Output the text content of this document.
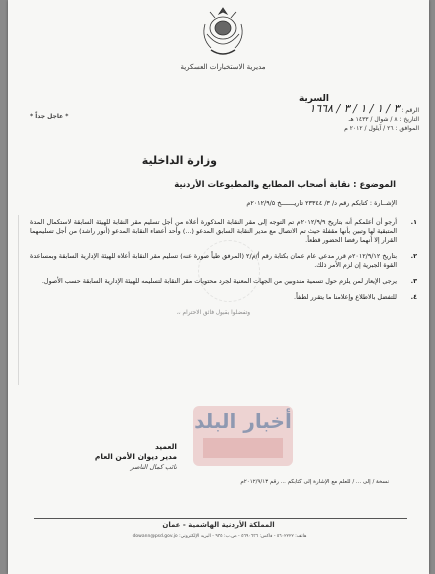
مديرية الاستخبارات العسكرية
* عاجل جداً *
السرية
الرقم : ٣ / ١ / ١ / ٣ / ١٦٦٨
التاريخ : ٨ / شوال / ١٤٣٣ هـ
الموافق : ٢٦ / آيلول / ٢٠١٢ م
وزارة الداخلية
الموضوع : نقابة أصحاب المطابع والمطبوعات الأردنية
الإشــارة : كتابكم رقم د/ ٣/ ٢٣٣٤٤ تاريـــــــخ ٢٠١٢/٩/٥م
١.
أرجو أن أعلمكم أنه بتاريخ ٢٠١٢/٩/٩م تم التوجه إلى مقر النقابة المذكورة أعلاه من أجل تسليم مقر النقابة للهيئة السابقة لاستكمال المدة المتبقية لها وتبين بأنها مقفلة حيث تم الاتصال مع مدير النقابة السابق المدعو (...) وأحد أعضاء النقابة المدعو (أنور راشد) من أجل تسليمهما القرار إلا أنهما رفضا الحضور قطعاً.
٢.
بتاريخ ٢٠١٢/٩/١٢م قرر مدعي عام عمان بكتابة رقم أ/م/٢ (المرفق طياً صورة عنه) تسليم مقر النقابة أعلاه للهيئة الإدارية السابقة وبمساعدة القوة الجبرية إن لزم الأمر ذلك.
٣.
يرجى الإيعاز لمن يلزم حول تسمية مندوبين من الجهات المعنية لجرد محتويات مقر النقابة لتسليمه للهيئة الإدارية السابقة حسب الأصول.
٤.
للتفضل بالاطلاع وإعلامنا ما يتقرر لطفاً.
وتفضلوا بقبول فائق الاحترام ،،
أخبار البلد
العميد
مدير ديوان الأمن العام
نائب كمال الناصر
نسخة / إلى ... / للعلم مع الإشارة إلى كتابكم ... رقم ٢٠١٢/٩/١٣م
المملكة الأردنية الهاشمية - عمان
هاتف: ٥٦٠٢٢٢٢ - فاكس: ٥٦٩٠٦٣٦ - ص.ب: ٩٣٥ - البريد الإلكتروني: dowann@psd.gov.jo
